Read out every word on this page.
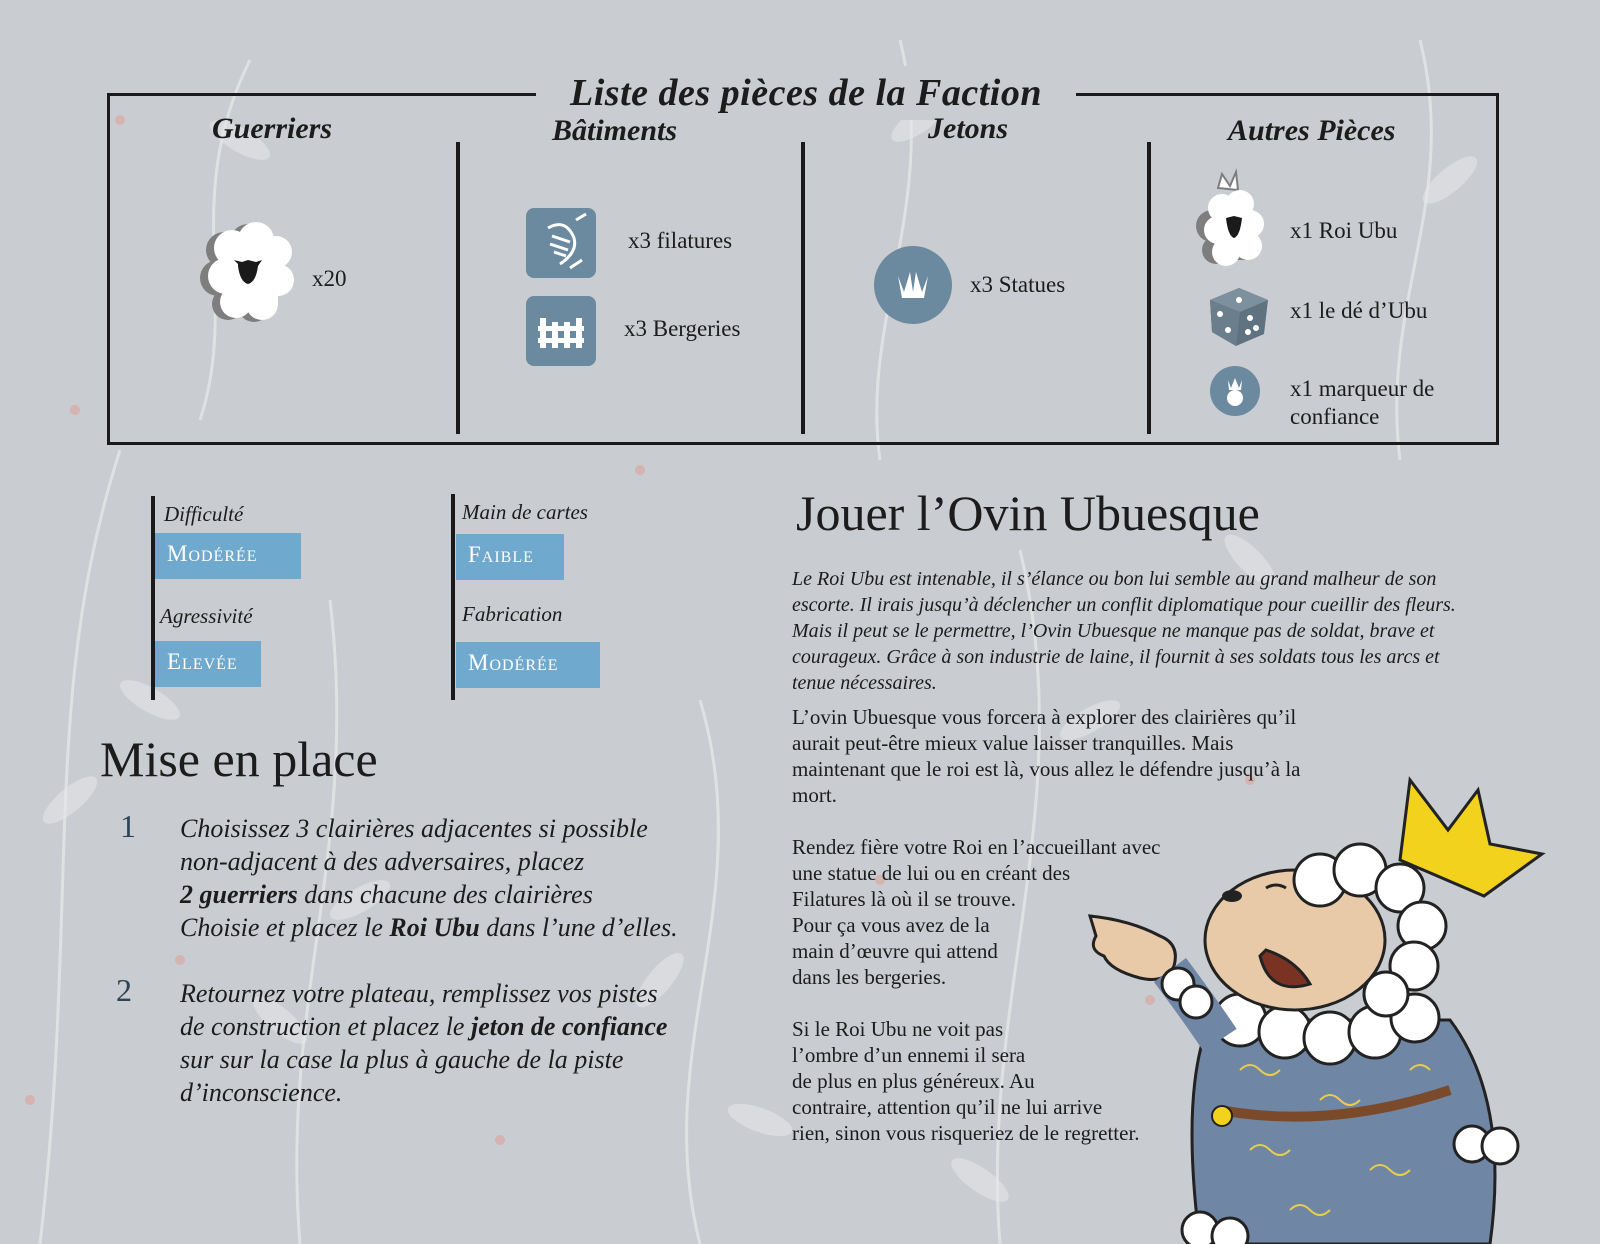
Liste des pièces de la Faction
Guerriers	Bâtiments	Jetons	Autres Pièces
x20
x3 filatures
x3 Bergeries
x3 Statues
x1 Roi Ubu
x1 le dé d’Ubu
x1 marqueur de
confiance
Difficulté
Modérée
Agressivité
Elevée
Main de cartes
Faible
Fabrication
Modérée
Mise en place
1 Choisissez 3 clairières adjacentes si possible
non-adjacent à des adversaires, placez
2 guerriers dans chacune des clairières
Choisie et placez le Roi Ubu dans l’une d’elles.
2 Retournez votre plateau, remplissez vos pistes
de construction et placez le jeton de confiance
sur sur la case la plus à gauche de la piste
d’inconscience.
Jouer l’Ovin Ubuesque
Le Roi Ubu est intenable, il s’élance ou bon lui semble au grand malheur de son
escorte. Il irais jusqu’à déclencher un conflit diplomatique pour cueillir des fleurs.
Mais il peut se le permettre, l’Ovin Ubuesque ne manque pas de soldat, brave et
courageux. Grâce à son industrie de laine, il fournit à ses soldats tous les arcs et
tenue nécessaires.
L’ovin Ubuesque vous forcera à explorer des clairières qu’il
aurait peut-être mieux value laisser tranquilles. Mais
maintenant que le roi est là, vous allez le défendre jusqu’à la
mort.
Rendez fière votre Roi en l’accueillant avec
une statue de lui ou en créant des
Filatures là où il se trouve.
Pour ça vous avez de la
main d’œuvre qui attend
dans les bergeries.
Si le Roi Ubu ne voit pas
l’ombre d’un ennemi il sera
de plus en plus généreux. Au
contraire, attention qu’il ne lui arrive
rien, sinon vous risqueriez de le regretter.
